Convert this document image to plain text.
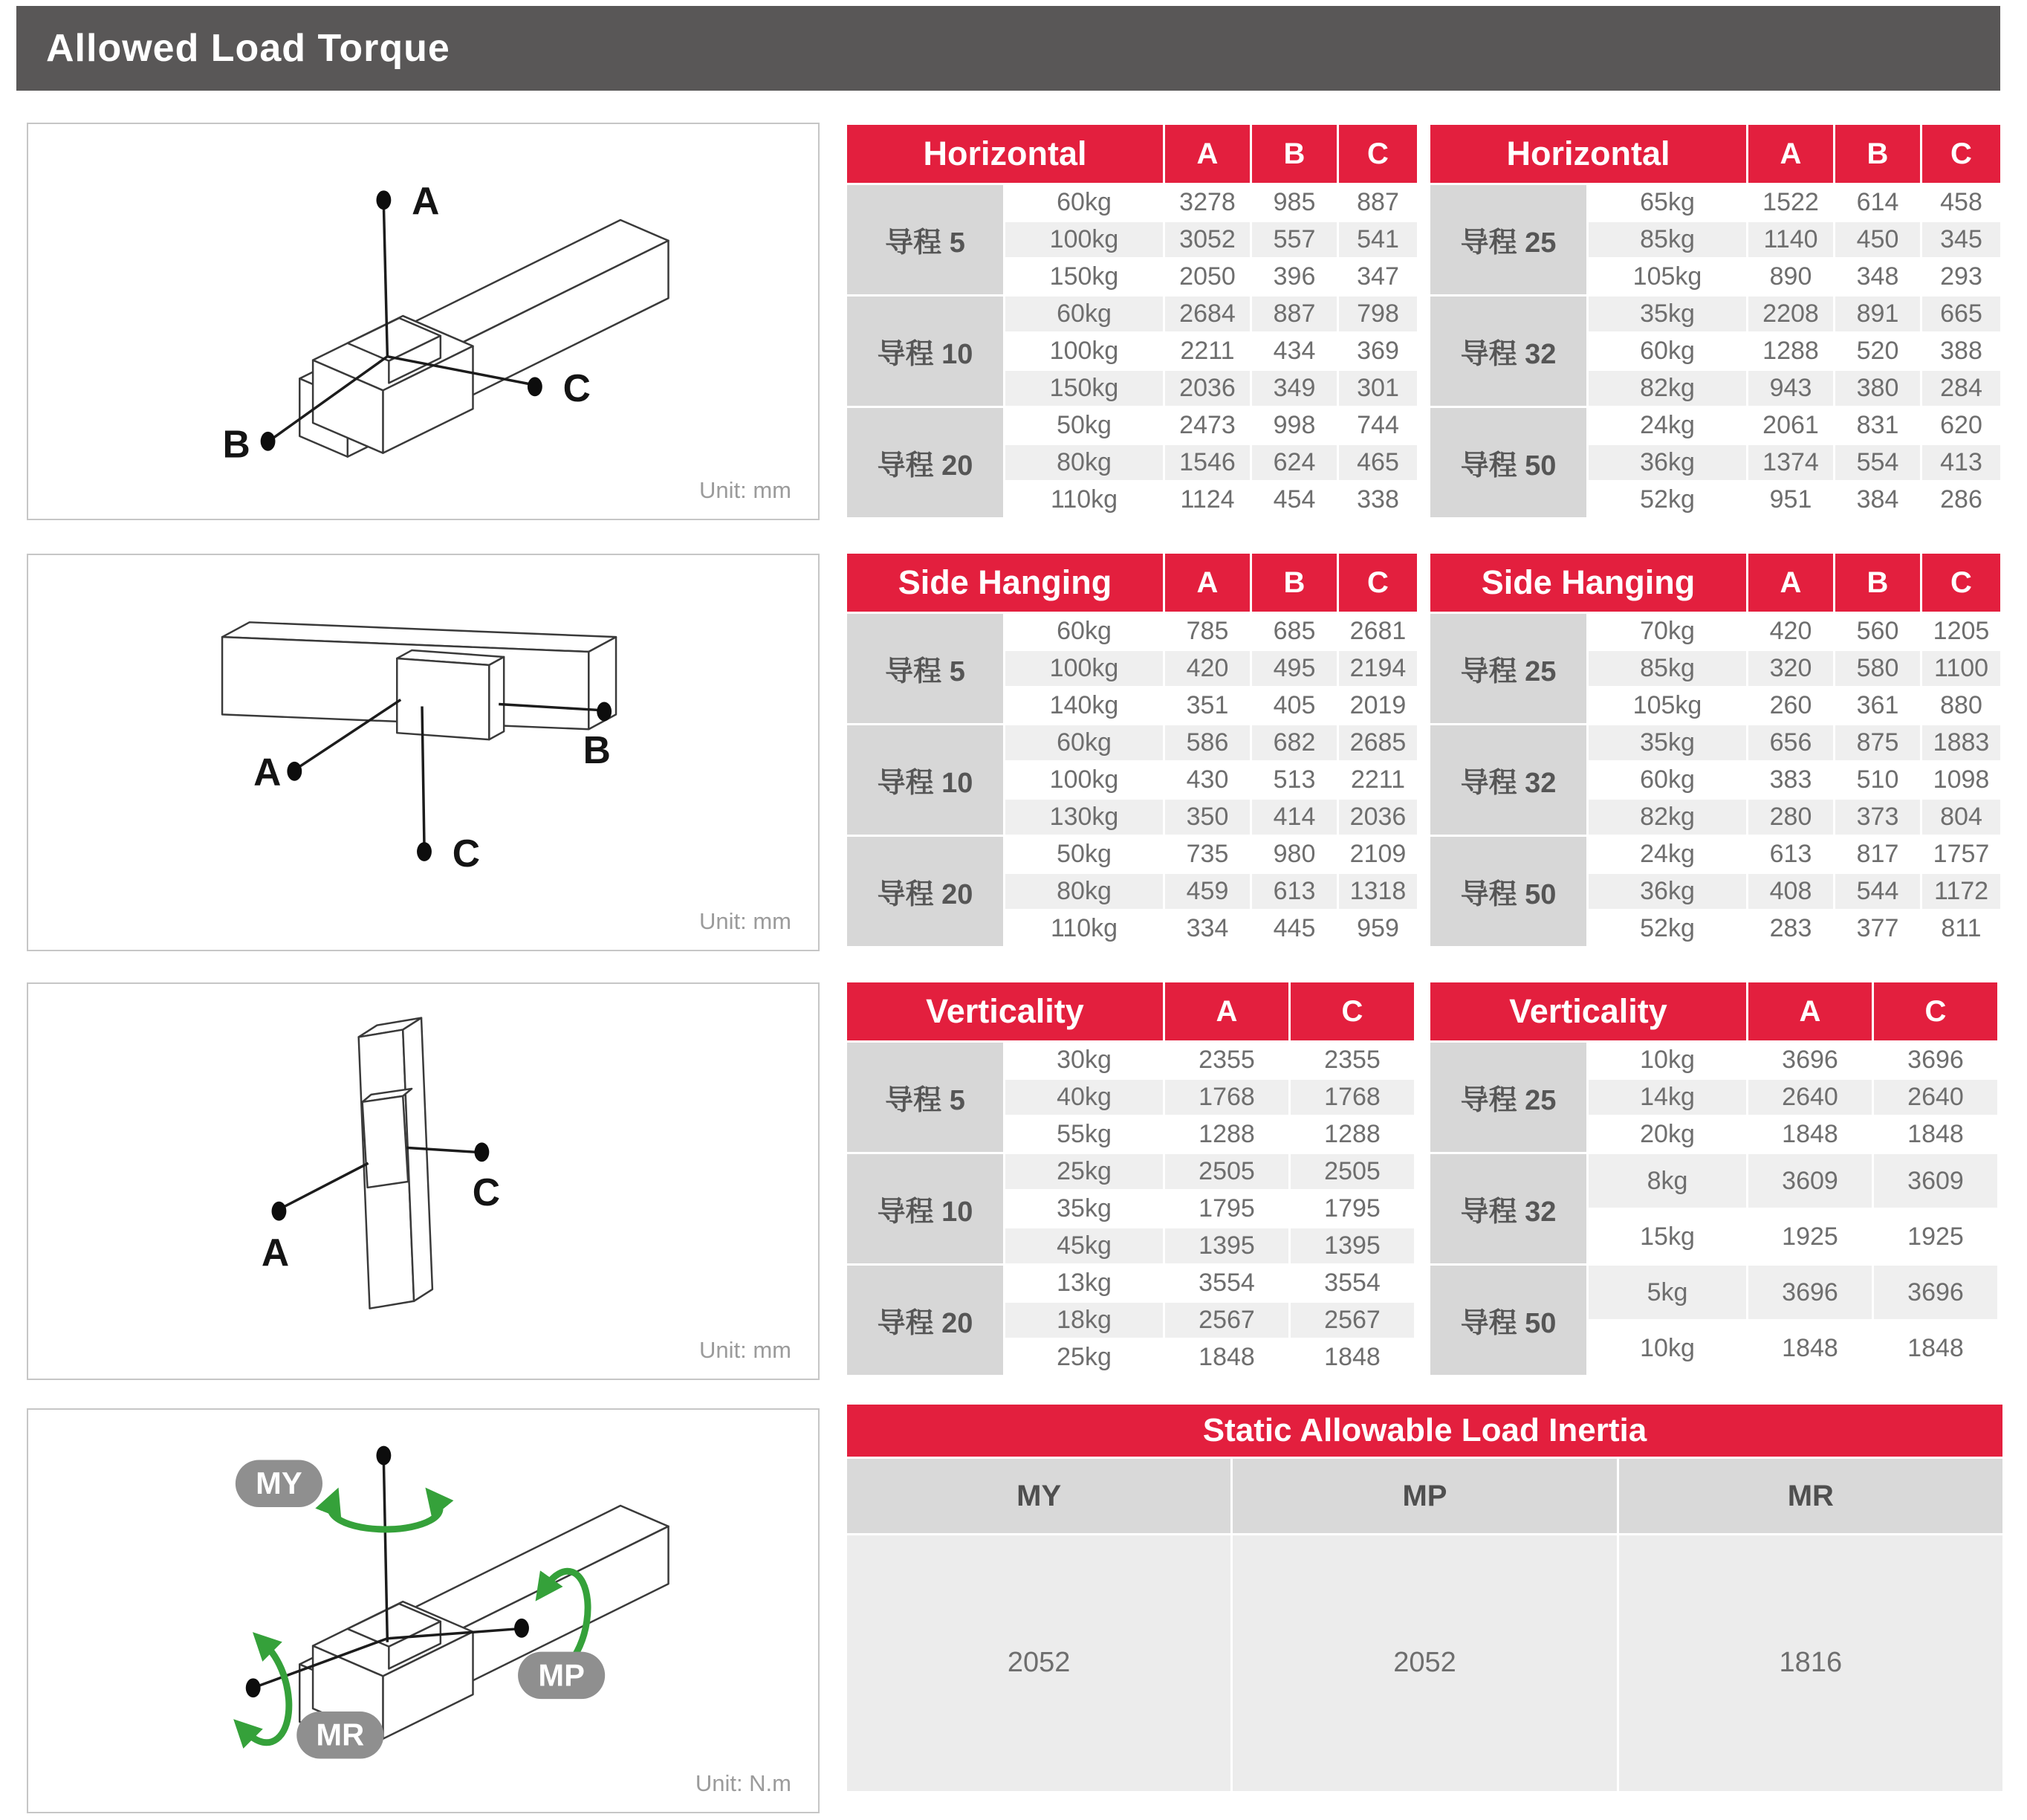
Allowed Load Torque
A
B
C
Unit: mm
A
B
C
Unit: mm
A
C
Unit: mm
MY
MP
MR
Unit: N.m
Horizontal	A	B	C
导程 5
60kg	3278	985	887
100kg	3052	557	541
150kg	2050	396	347
导程 10
60kg	2684	887	798
100kg	2211	434	369
150kg	2036	349	301
导程 20
50kg	2473	998	744
80kg	1546	624	465
110kg	1124	454	338
Horizontal	A	B	C
导程 25
65kg	1522	614	458
85kg	1140	450	345
105kg	890	348	293
导程 32
35kg	2208	891	665
60kg	1288	520	388
82kg	943	380	284
导程 50
24kg	2061	831	620
36kg	1374	554	413
52kg	951	384	286
Side Hanging	A	B	C
导程 5
60kg	785	685	2681
100kg	420	495	2194
140kg	351	405	2019
导程 10
60kg	586	682	2685
100kg	430	513	2211
130kg	350	414	2036
导程 20
50kg	735	980	2109
80kg	459	613	1318
110kg	334	445	959
Side Hanging	A	B	C
导程 25
70kg	420	560	1205
85kg	320	580	1100
105kg	260	361	880
导程 32
35kg	656	875	1883
60kg	383	510	1098
82kg	280	373	804
导程 50
24kg	613	817	1757
36kg	408	544	1172
52kg	283	377	811
Verticality	A	C
导程 5
30kg	2355	2355
40kg	1768	1768
55kg	1288	1288
导程 10
25kg	2505	2505
35kg	1795	1795
45kg	1395	1395
导程 20
13kg	3554	3554
18kg	2567	2567
25kg	1848	1848
Verticality	A	C
导程 25
10kg	3696	3696
14kg	2640	2640
20kg	1848	1848
导程 32
8kg	3609	3609
15kg	1925	1925
导程 50
5kg	3696	3696
10kg	1848	1848
Static Allowable Load Inertia
MY	MP	MR
2052	2052	1816
